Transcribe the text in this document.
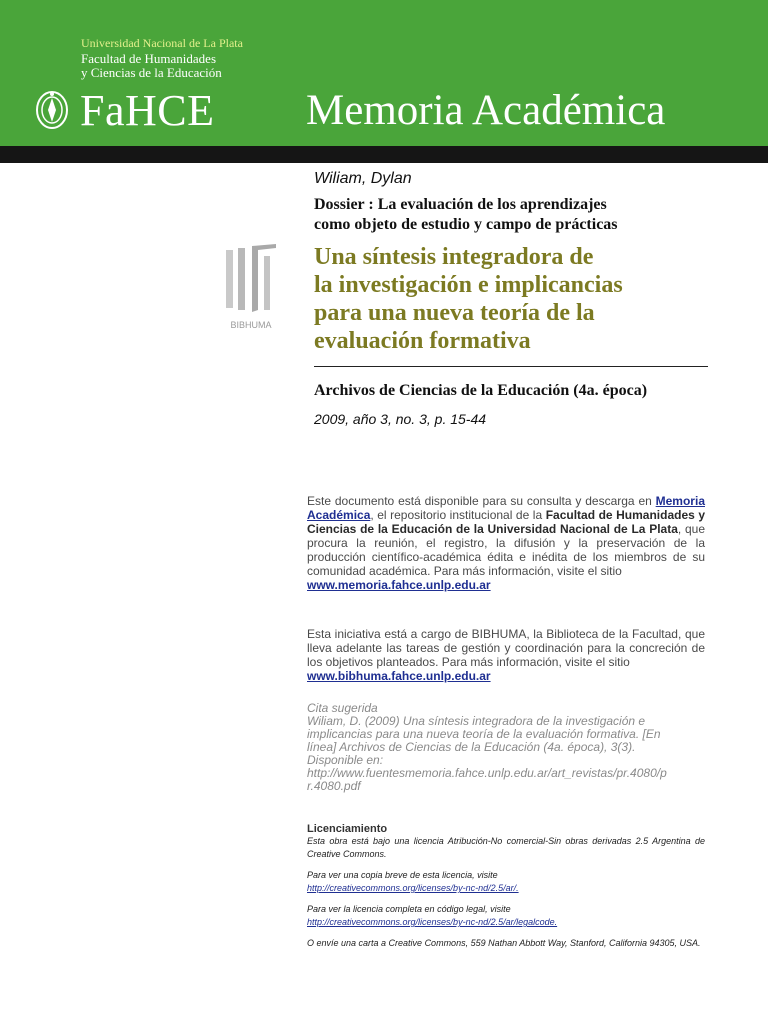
Universidad Nacional de La Plata
Facultad de Humanidades
y Ciencias de la Educación
FaHCE Memoria Académica
Wiliam, Dylan
Dossier : La evaluación de los aprendizajes
como objeto de estudio y campo de prácticas
BIBHUMA
Una síntesis integradora de
la investigación e implicancias
para una nueva teoría de la
evaluación formativa
Archivos de Ciencias de la Educación (4a. época)
2009, año 3, no. 3, p. 15-44
Este documento está disponible para su consulta y descarga en Memoria Académica, el repositorio institucional de la Facultad de Humanidades y Ciencias de la Educación de la Universidad Nacional de La Plata, que procura la reunión, el registro, la difusión y la preservación de la producción científico-académica édita e inédita de los miembros de su comunidad académica. Para más información, visite el sitio
www.memoria.fahce.unlp.edu.ar
Esta iniciativa está a cargo de BIBHUMA, la Biblioteca de la Facultad, que lleva adelante las tareas de gestión y coordinación para la concreción de los objetivos planteados. Para más información, visite el sitio
www.bibhuma.fahce.unlp.edu.ar
Cita sugerida
Wiliam, D. (2009) Una síntesis integradora de la investigación e
implicancias para una nueva teoría de la evaluación formativa. [En
línea] Archivos de Ciencias de la Educación (4a. época), 3(3).
Disponible en:
http://www.fuentesmemoria.fahce.unlp.edu.ar/art_revistas/pr.4080/p
r.4080.pdf
Licenciamiento

Esta obra está bajo una licencia Atribución-No comercial-Sin obras derivadas 2.5 Argentina de Creative Commons.

Para ver una copia breve de esta licencia, visite

http://creativecommons.org/licenses/by-nc-nd/2.5/ar/.

Para ver la licencia completa en código legal, visite

http://creativecommons.org/licenses/by-nc-nd/2.5/ar/legalcode.

O envíe una carta a Creative Commons, 559 Nathan Abbott Way, Stanford, California 94305, USA.
